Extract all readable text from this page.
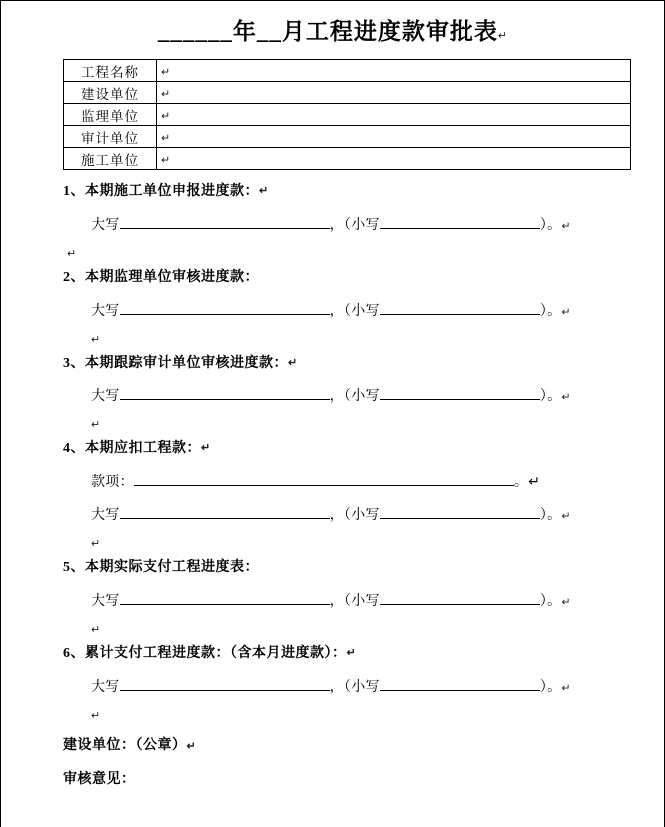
______年__月工程进度款审批表↵
工程名称	↵
建设单位	↵
监理单位	↵
审计单位	↵
施工单位	↵
1、本期施工单位申报进度款：↵
大写	，（小写	）。↵
↵
2、本期监理单位审核进度款：
大写	，（小写	）。↵
↵
3、本期跟踪审计单位审核进度款：↵
大写	，（小写	）。↵
↵
4、本期应扣工程款：↵
款项：	。↵
大写	，（小写	）。↵
↵
5、本期实际支付工程进度表：
大写	，（小写	）。↵
↵
6、累计支付工程进度款：（含本月进度款）：↵
大写	，（小写	）。↵
↵
建设单位：（公章）↵
审核意见：
